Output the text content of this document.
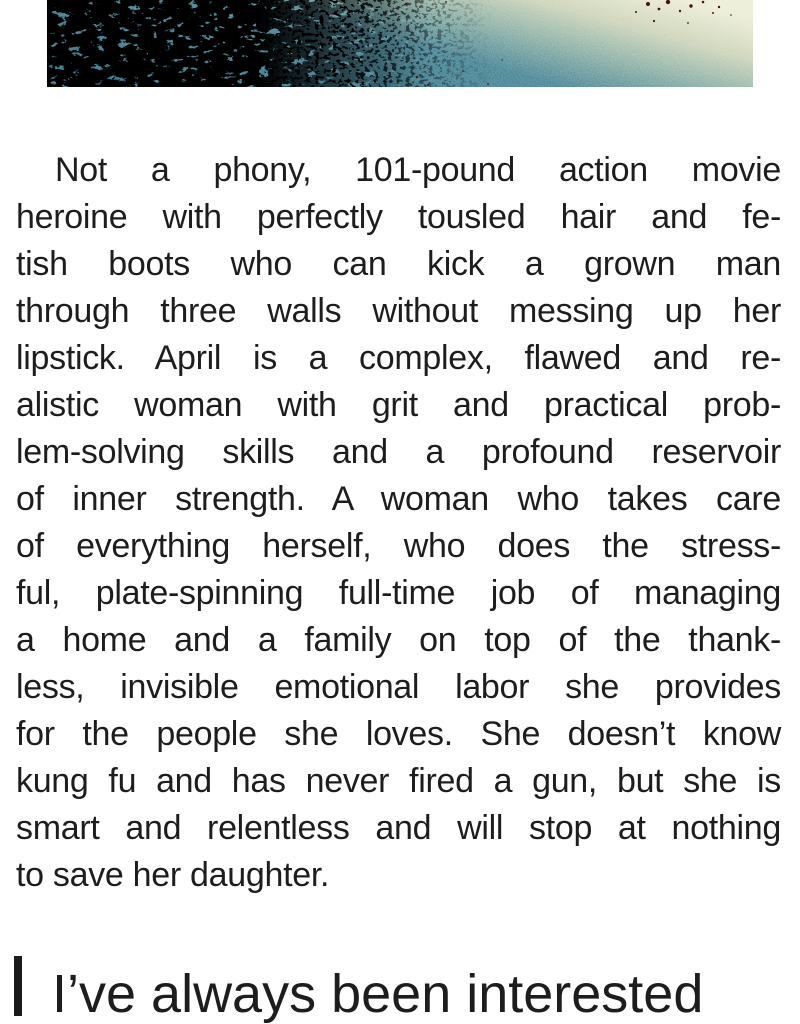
Not a phony, 101-pound action movie
heroine with perfectly tousled hair and fe-
tish boots who can kick a grown man
through three walls without messing up her
lipstick. April is a complex, flawed and re-
alistic woman with grit and practical prob-
lem-solving skills and a profound reservoir
of inner strength. A woman who takes care
of everything herself, who does the stress-
ful, plate-spinning full-time job of managing
a home and a family on top of the thank-
less, invisible emotional labor she provides
for the people she loves. She doesn’t know
kung fu and has never fired a gun, but she is
smart and relentless and will stop at nothing
to save her daughter.
I’ve always been interested
